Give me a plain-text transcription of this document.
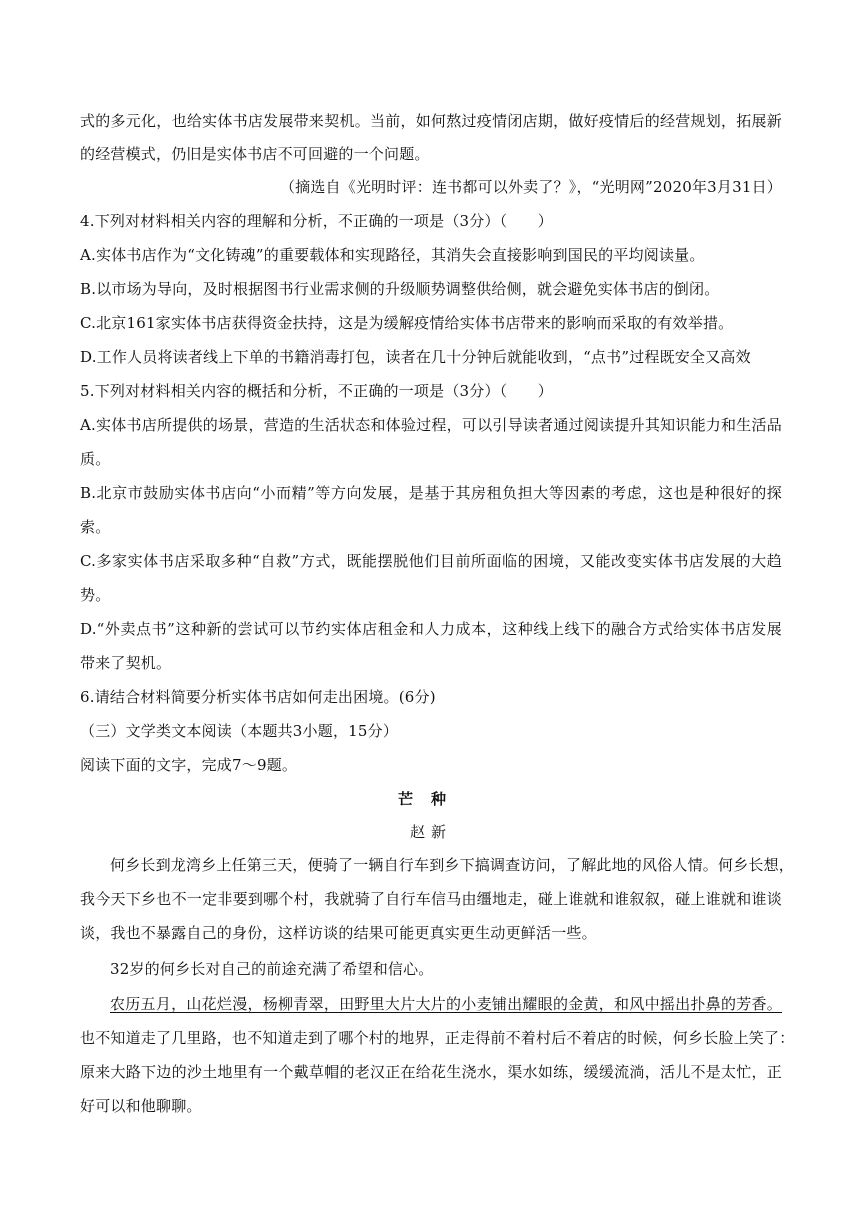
式的多元化，也给实体书店发展带来契机。当前，如何熬过疫情闭店期，做好疫情后的经营规划，拓展新
的经营模式，仍旧是实体书店不可回避的一个问题。
（摘选自《光明时评：连书都可以外卖了？》，“光明网”2020年3月31日）
4.下列对材料相关内容的理解和分析，不正确的一项是（3分）（　　）
A.实体书店作为“文化铸魂”的重要载体和实现路径，其消失会直接影响到国民的平均阅读量。
B.以市场为导向，及时根据图书行业需求侧的升级顺势调整供给侧，就会避免实体书店的倒闭。
C.北京161家实体书店获得资金扶持，这是为缓解疫情给实体书店带来的影响而采取的有效举措。
D.工作人员将读者线上下单的书籍消毒打包，读者在几十分钟后就能收到，“点书”过程既安全又高效
5.下列对材料相关内容的概括和分析，不正确的一项是（3分）（　　）
A.实体书店所提供的场景，营造的生活状态和体验过程，可以引导读者通过阅读提升其知识能力和生活品
质。
B.北京市鼓励实体书店向“小而精”等方向发展，是基于其房租负担大等因素的考虑，这也是种很好的探
索。
C.多家实体书店采取多种“自救”方式，既能摆脱他们目前所面临的困境，又能改变实体书店发展的大趋
势。
D.“外卖点书”这种新的尝试可以节约实体店租金和人力成本，这种线上线下的融合方式给实体书店发展
带来了契机。
6.请结合材料简要分析实体书店如何走出困境。(6分)
（三）文学类文本阅读（本题共3小题，15分）
阅读下面的文字，完成7～9题。
芒种
赵新
何乡长到龙湾乡上任第三天，便骑了一辆自行车到乡下搞调查访问，了解此地的风俗人情。何乡长想，
我今天下乡也不一定非要到哪个村，我就骑了自行车信马由缰地走，碰上谁就和谁叙叙，碰上谁就和谁谈
谈，我也不暴露自己的身份，这样访谈的结果可能更真实更生动更鲜活一些。
32岁的何乡长对自己的前途充满了希望和信心。
农历五月，山花烂漫，杨柳青翠，田野里大片大片的小麦铺出耀眼的金黄，和风中摇出扑鼻的芳香。
也不知道走了几里路，也不知道走到了哪个村的地界，正走得前不着村后不着店的时候，何乡长脸上笑了：
原来大路下边的沙土地里有一个戴草帽的老汉正在给花生浇水，渠水如练，缓缓流淌，活儿不是太忙，正
好可以和他聊聊。
